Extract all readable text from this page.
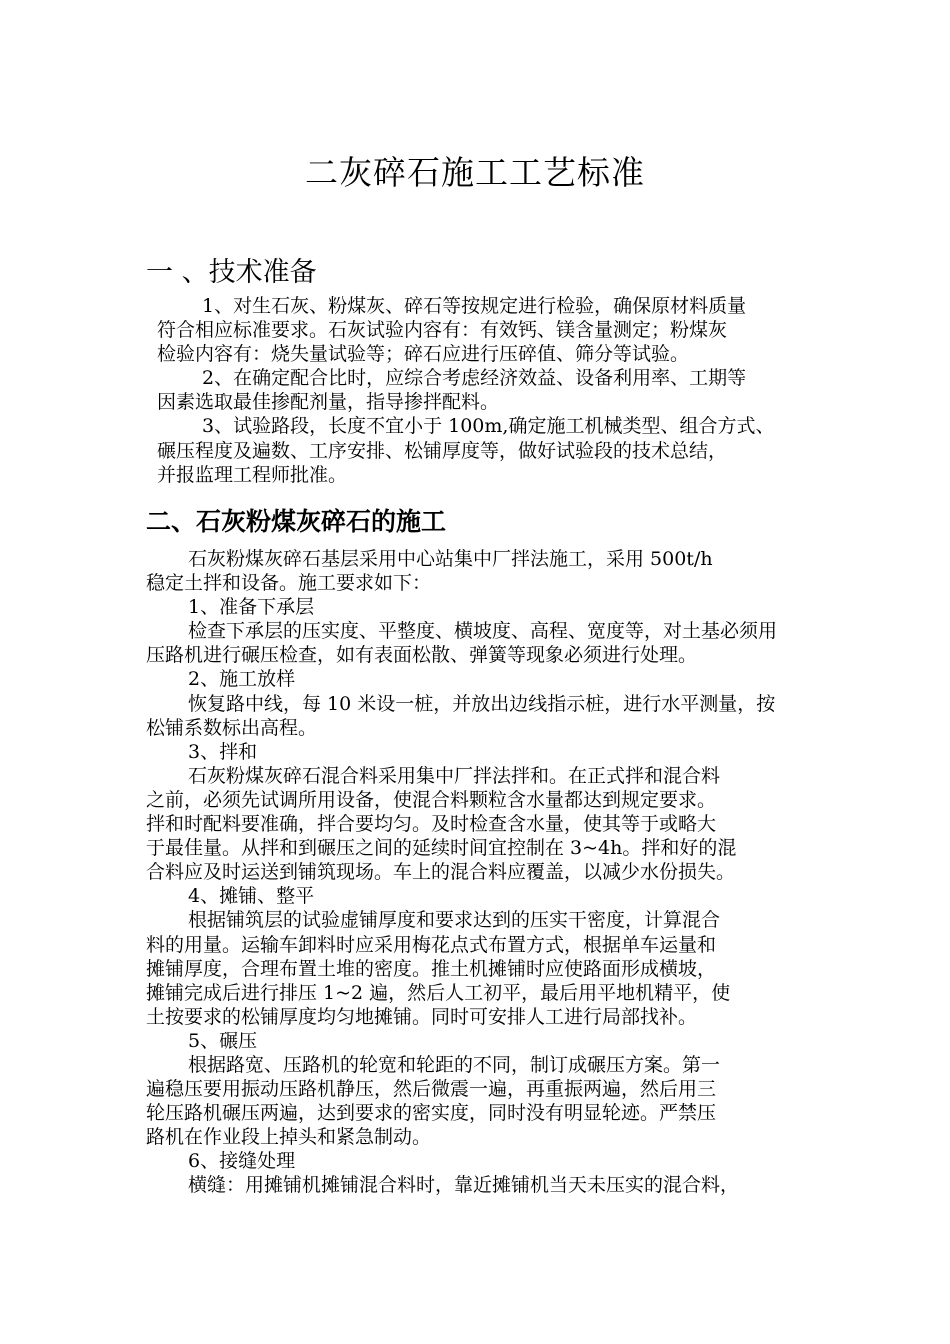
二灰碎石施工工艺标准
一 、技术准备
1、对生石灰、粉煤灰、碎石等按规定进行检验，确保原材料质量
符合相应标准要求。石灰试验内容有：有效钙、镁含量测定；粉煤灰
检验内容有：烧失量试验等；碎石应进行压碎值、筛分等试验。
2、在确定配合比时，应综合考虑经济效益、设备利用率、工期等
因素选取最佳掺配剂量，指导掺拌配料。
3、试验路段，长度不宜小于 100m,确定施工机械类型、组合方式、
碾压程度及遍数、工序安排、松铺厚度等，做好试验段的技术总结，
并报监理工程师批准。
二、石灰粉煤灰碎石的施工
石灰粉煤灰碎石基层采用中心站集中厂拌法施工，采用 500t/h
稳定土拌和设备。施工要求如下：
1、准备下承层
检查下承层的压实度、平整度、横坡度、高程、宽度等，对土基必须用
压路机进行碾压检查，如有表面松散、弹簧等现象必须进行处理。
2、施工放样
恢复路中线，每 10 米设一桩，并放出边线指示桩，进行水平测量，按
松铺系数标出高程。
3、拌和
石灰粉煤灰碎石混合料采用集中厂拌法拌和。在正式拌和混合料
之前，必须先试调所用设备，使混合料颗粒含水量都达到规定要求。
拌和时配料要准确，拌合要均匀。及时检查含水量，使其等于或略大
于最佳量。从拌和到碾压之间的延续时间宜控制在 3~4h。拌和好的混
合料应及时运送到铺筑现场。车上的混合料应覆盖，以减少水份损失。
4、摊铺、整平
根据铺筑层的试验虚铺厚度和要求达到的压实干密度，计算混合
料的用量。运输车卸料时应采用梅花点式布置方式，根据单车运量和
摊铺厚度，合理布置土堆的密度。推土机摊铺时应使路面形成横坡，
摊铺完成后进行排压 1~2 遍，然后人工初平，最后用平地机精平，使
土按要求的松铺厚度均匀地摊铺。同时可安排人工进行局部找补。
5、碾压
根据路宽、压路机的轮宽和轮距的不同，制订成碾压方案。第一
遍稳压要用振动压路机静压，然后微震一遍，再重振两遍，然后用三
轮压路机碾压两遍，达到要求的密实度，同时没有明显轮迹。严禁压
路机在作业段上掉头和紧急制动。
6、接缝处理
横缝：用摊铺机摊铺混合料时，靠近摊铺机当天未压实的混合料，
